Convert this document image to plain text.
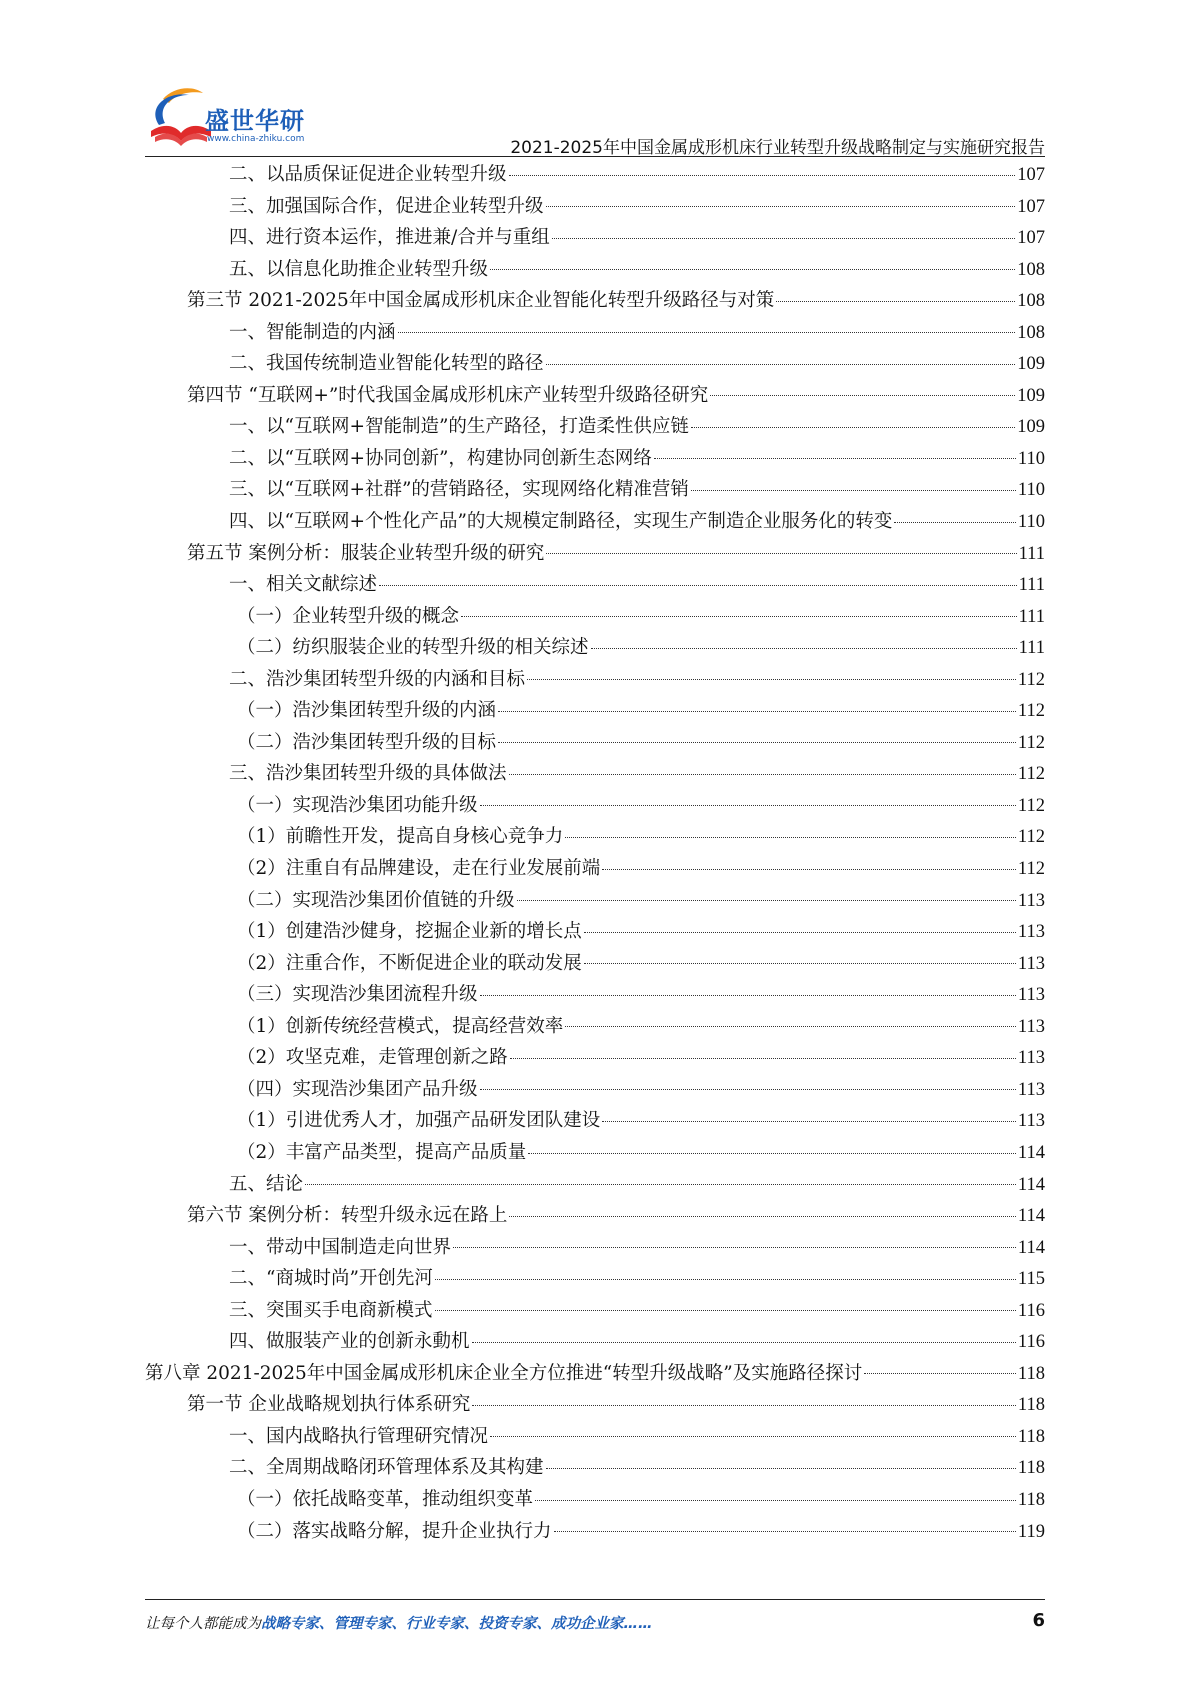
盛世华研
www.china-zhiku.com	2021-2025年中国金属成形机床行业转型升级战略制定与实施研究报告
二、以品质保证促进企业转型升级	107
三、加强国际合作，促进企业转型升级	107
四、进行资本运作，推进兼/合并与重组	107
五、以信息化助推企业转型升级	108
第三节 2021-2025年中国金属成形机床企业智能化转型升级路径与对策	108
一、智能制造的内涵	108
二、我国传统制造业智能化转型的路径	109
第四节 “互联网+”时代我国金属成形机床产业转型升级路径研究	109
一、以“互联网+智能制造”的生产路径，打造柔性供应链	109
二、以“互联网+协同创新”，构建协同创新生态网络	110
三、以“互联网+社群”的营销路径，实现网络化精准营销	110
四、以“互联网+个性化产品”的大规模定制路径，实现生产制造企业服务化的转变	110
第五节 案例分析：服装企业转型升级的研究	111
一、相关文献综述	111
（一）企业转型升级的概念	111
（二）纺织服装企业的转型升级的相关综述	111
二、浩沙集团转型升级的内涵和目标	112
（一）浩沙集团转型升级的内涵	112
（二）浩沙集团转型升级的目标	112
三、浩沙集团转型升级的具体做法	112
（一）实现浩沙集团功能升级	112
（1）前瞻性开发，提高自身核心竞争力	112
（2）注重自有品牌建设，走在行业发展前端	112
（二）实现浩沙集团价值链的升级	113
（1）创建浩沙健身，挖掘企业新的增长点	113
（2）注重合作，不断促进企业的联动发展	113
（三）实现浩沙集团流程升级	113
（1）创新传统经营模式，提高经营效率	113
（2）攻坚克难，走管理创新之路	113
（四）实现浩沙集团产品升级	113
（1）引进优秀人才，加强产品研发团队建设	113
（2）丰富产品类型，提高产品质量	114
五、结论	114
第六节 案例分析：转型升级永远在路上	114
一、带动中国制造走向世界	114
二、“商城时尚”开创先河	115
三、突围买手电商新模式	116
四、做服装产业的创新永動机	116
第八章 2021-2025年中国金属成形机床企业全方位推进“转型升级战略”及实施路径探讨	118
第一节 企业战略规划执行体系研究	118
一、国内战略执行管理研究情况	118
二、全周期战略闭环管理体系及其构建	118
（一）依托战略变革，推动组织变革	118
（二）落实战略分解，提升企业执行力	119
让每个人都能成为战略专家、管理专家、行业专家、投资专家、成功企业家……	6
